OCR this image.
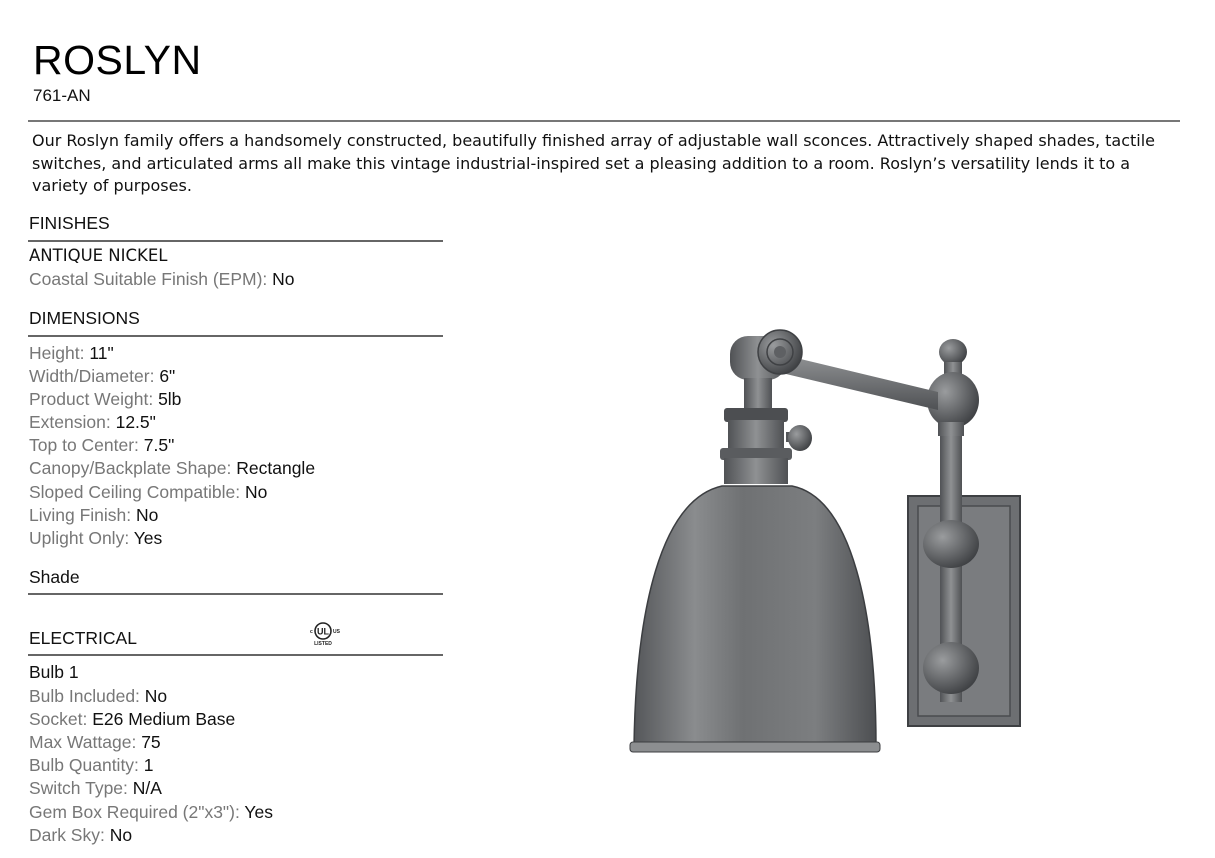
ROSLYN
761-AN
Our Roslyn family offers a handsomely constructed, beautifully finished array of adjustable wall sconces. Attractively shaped shades, tactile
switches, and articulated arms all make this vintage industrial-inspired set a pleasing addition to a room. Roslyn’s versatility lends it to a
variety of purposes.
FINISHES
ANTIQUE NICKEL
Coastal Suitable Finish (EPM): No
DIMENSIONS
Height: 11"
Width/Diameter: 6"
Product Weight: 5lb
Extension: 12.5"
Top to Center: 7.5"
Canopy/Backplate Shape: Rectangle
Sloped Ceiling Compatible: No
Living Finish: No
Uplight Only: Yes
Shade
ELECTRICAL	UL
c	US
LISTED
Bulb 1
Bulb Included: No
Socket: E26 Medium Base
Max Wattage: 75
Bulb Quantity: 1
Switch Type: N/A
Gem Box Required (2"x3"): Yes
Dark Sky: No
